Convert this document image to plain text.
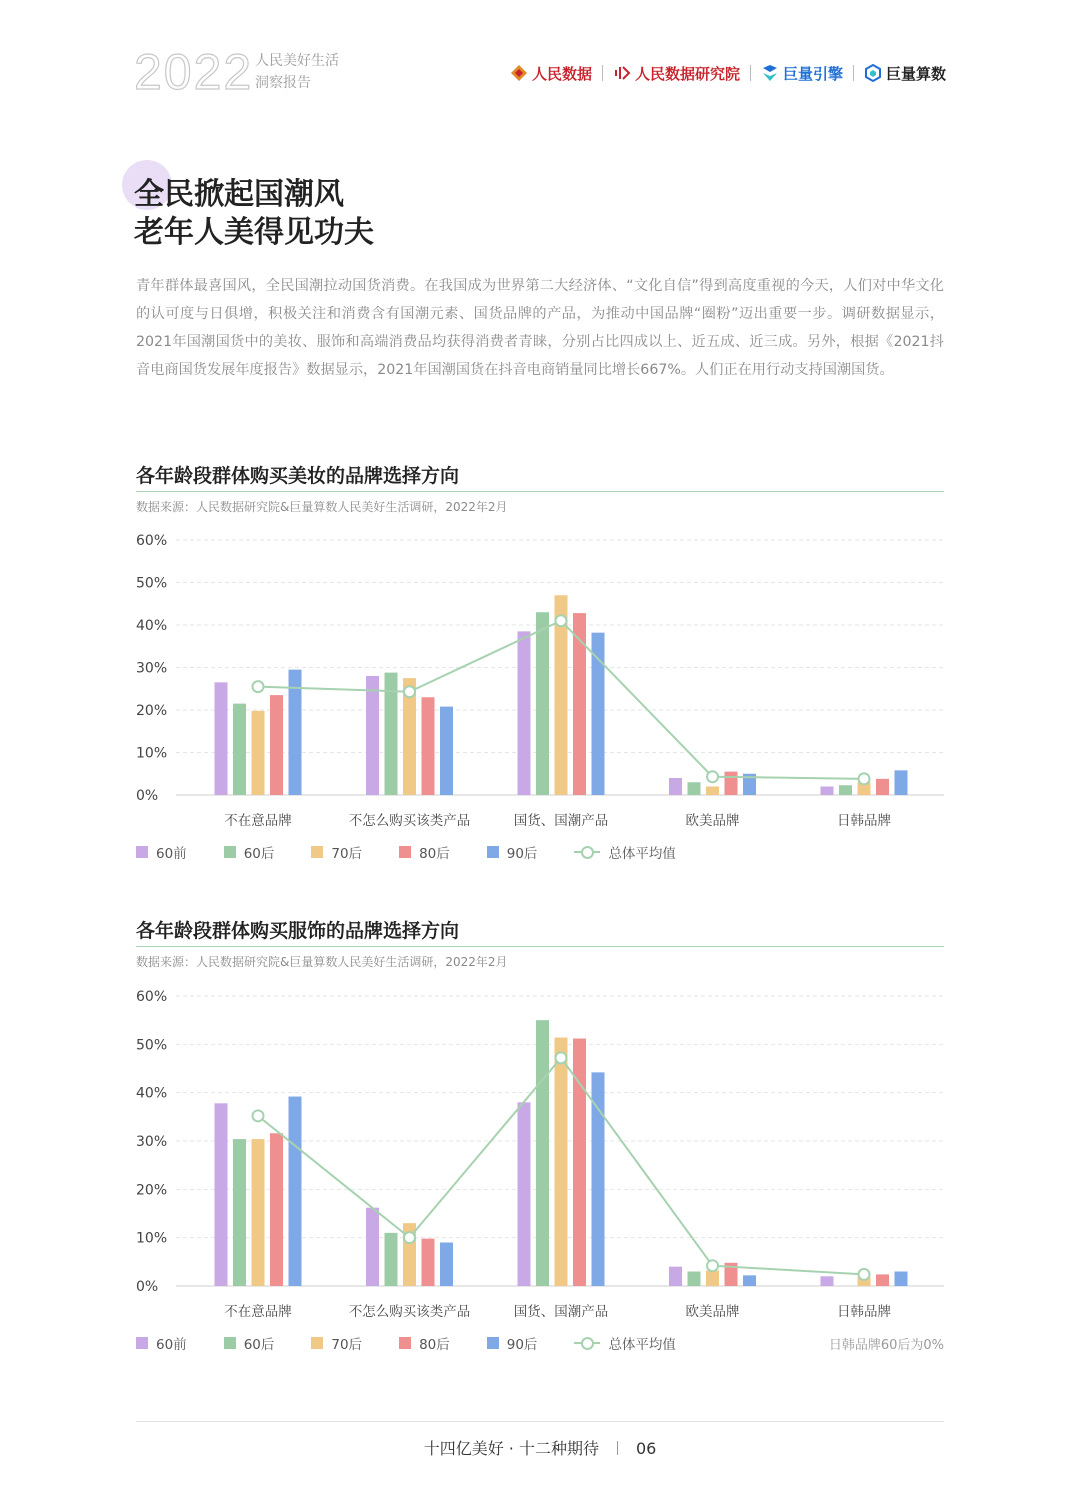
2022 人民美好生活
洞察报告
人民数据	人民数据研究院	巨量引擎	巨量算数
全民掀起国潮风
老年人美得见功夫
青年群体最喜国风，全民国潮拉动国货消费。在我国成为世界第二大经济体、“文化自信”得到高度重视的今天，人们对中华文化的认可度与日俱增，积极关注和消费含有国潮元素、国货品牌的产品，为推动中国品牌“圈粉”迈出重要一步。调研数据显示，2021年国潮国货中的美妆、服饰和高端消费品均获得消费者青睐，分别占比四成以上、近五成、近三成。另外，根据《2021抖音电商国货发展年度报告》数据显示，2021年国潮国货在抖音电商销量同比增长667%。人们正在用行动支持国潮国货。
各年龄段群体购买美妆的品牌选择方向
数据来源：人民数据研究院&巨量算数人民美好生活调研，2022年2月
0%
10%
20%
30%
40%
50%
60%
不在意品牌	不怎么购买该类产品	国货、国潮产品	欧美品牌	日韩品牌
60前	60后	70后	80后	90后	总体平均值
各年龄段群体购买服饰的品牌选择方向
数据来源：人民数据研究院&巨量算数人民美好生活调研，2022年2月
0%
10%
20%
30%
40%
50%
60%
不在意品牌	不怎么购买该类产品	国货、国潮产品	欧美品牌	日韩品牌
60前	60后	70后	80后	90后	总体平均值	日韩品牌60后为0%
十四亿美好 · 十二种期待 06
